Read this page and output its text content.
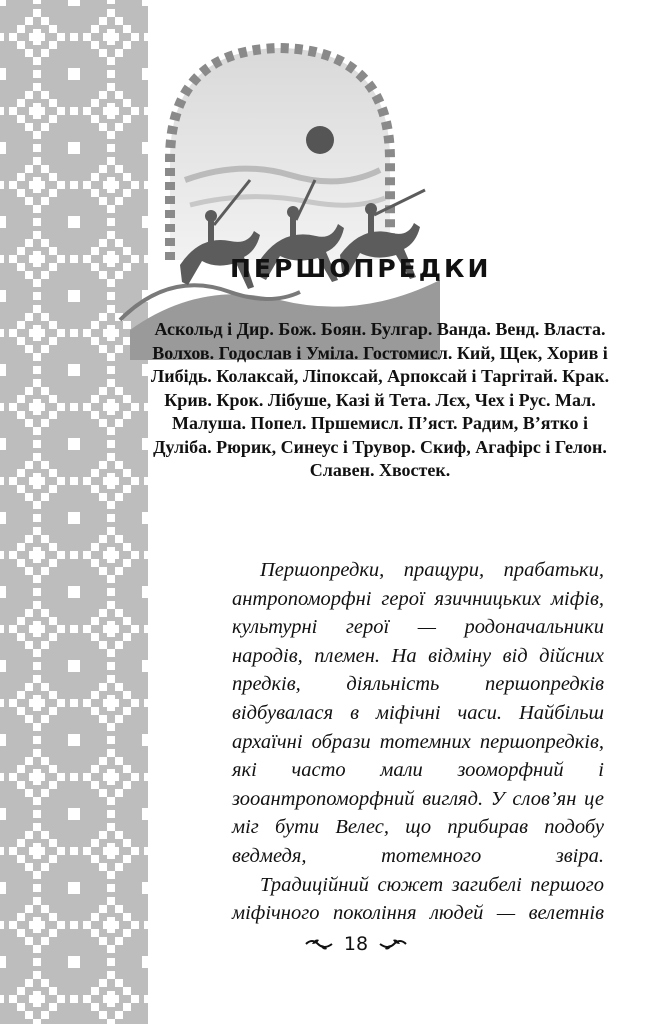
ПЕРШОПРЕДКИ

Аскольд і Дир. Бож. Боян. Булгар. Ванда. Венд. Власта. Волхов. Годослав і Уміла. Гостомисл. Кий, Щек, Хорив і Либідь. Колаксай, Ліпоксай, Арпоксай і Таргітай. Крак. Крив. Крок. Лібуше, Казі й Тета. Лєх, Чех і Рус. Мал. Малуша. Попел. Пршемисл. П’яст. Радим, В’ятко і Дуліба. Рюрик, Синеус і Трувор. Скиф, Агафірс і Гелон. Славен. Хвостек.

Першопредки, пращури, прабатьки, антропоморфні герої язичницьких міфів, культурні герої — родоначальники народів, племен. На відміну від дійсних предків, діяльність першопредків відбувалася в міфічні часи. Найбільш архаїчні образи тотемних першопредків, які часто мали зооморфний і зооантропоморфний вигляд. У слов’ян це міг бути Велес, що прибирав подобу ведмедя, тотемного звіра.

Традиційний сюжет загибелі першого міфічного покоління людей — велетнів

18
